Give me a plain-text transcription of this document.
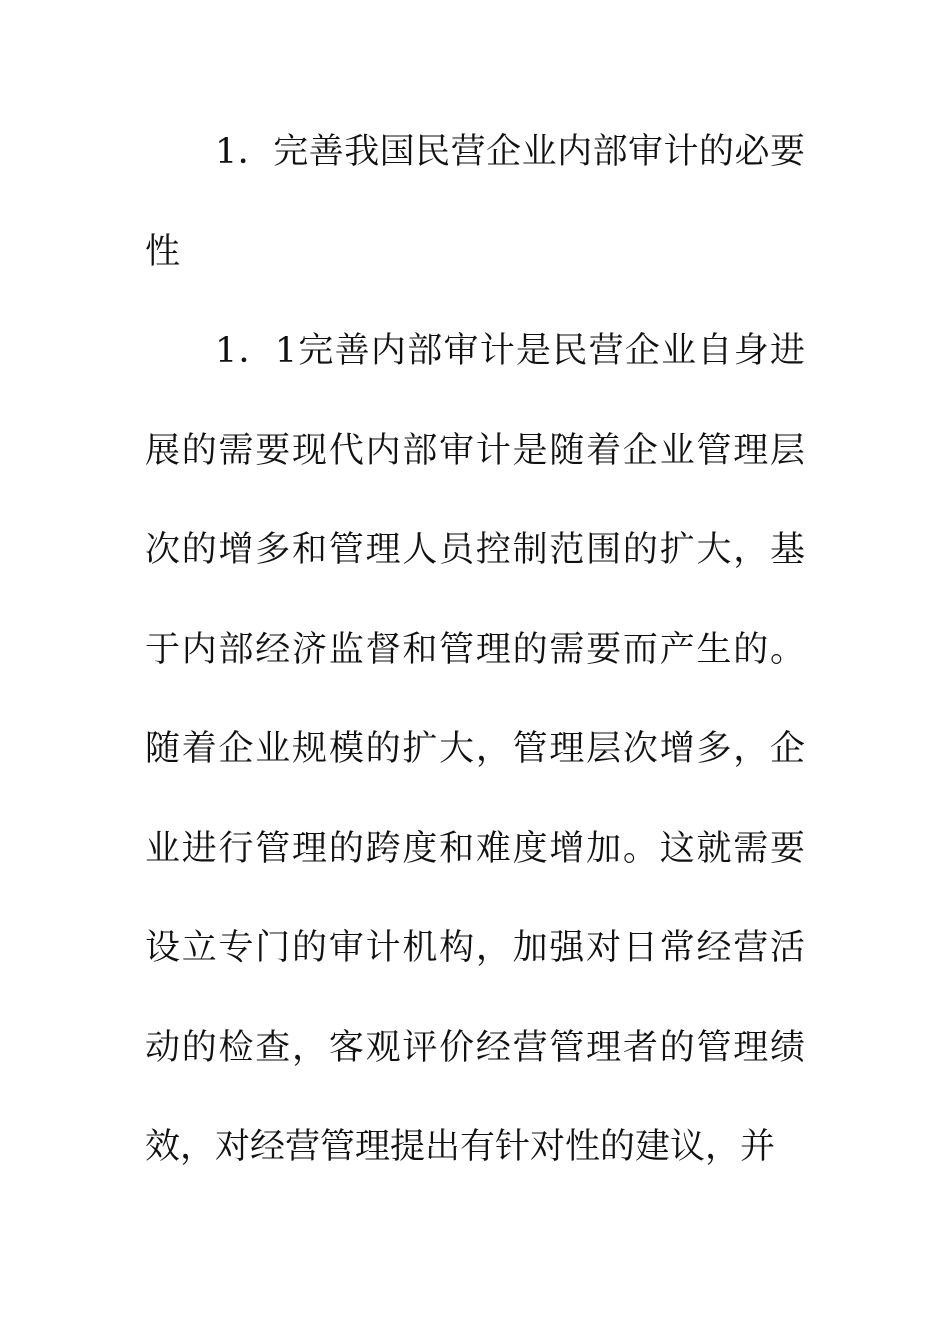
1．完善我国民营企业内部审计的必要性

1．1完善内部审计是民营企业自身进展的需要现代内部审计是随着企业管理层次的增多和管理人员控制范围的扩大，基于内部经济监督和管理的需要而产生的。随着企业规模的扩大，管理层次增多，企业进行管理的跨度和难度增加。这就需要设立专门的审计机构，加强对日常经营活动的检查，客观评价经营管理者的管理绩效，对经营管理提出有针对性的建议，并
